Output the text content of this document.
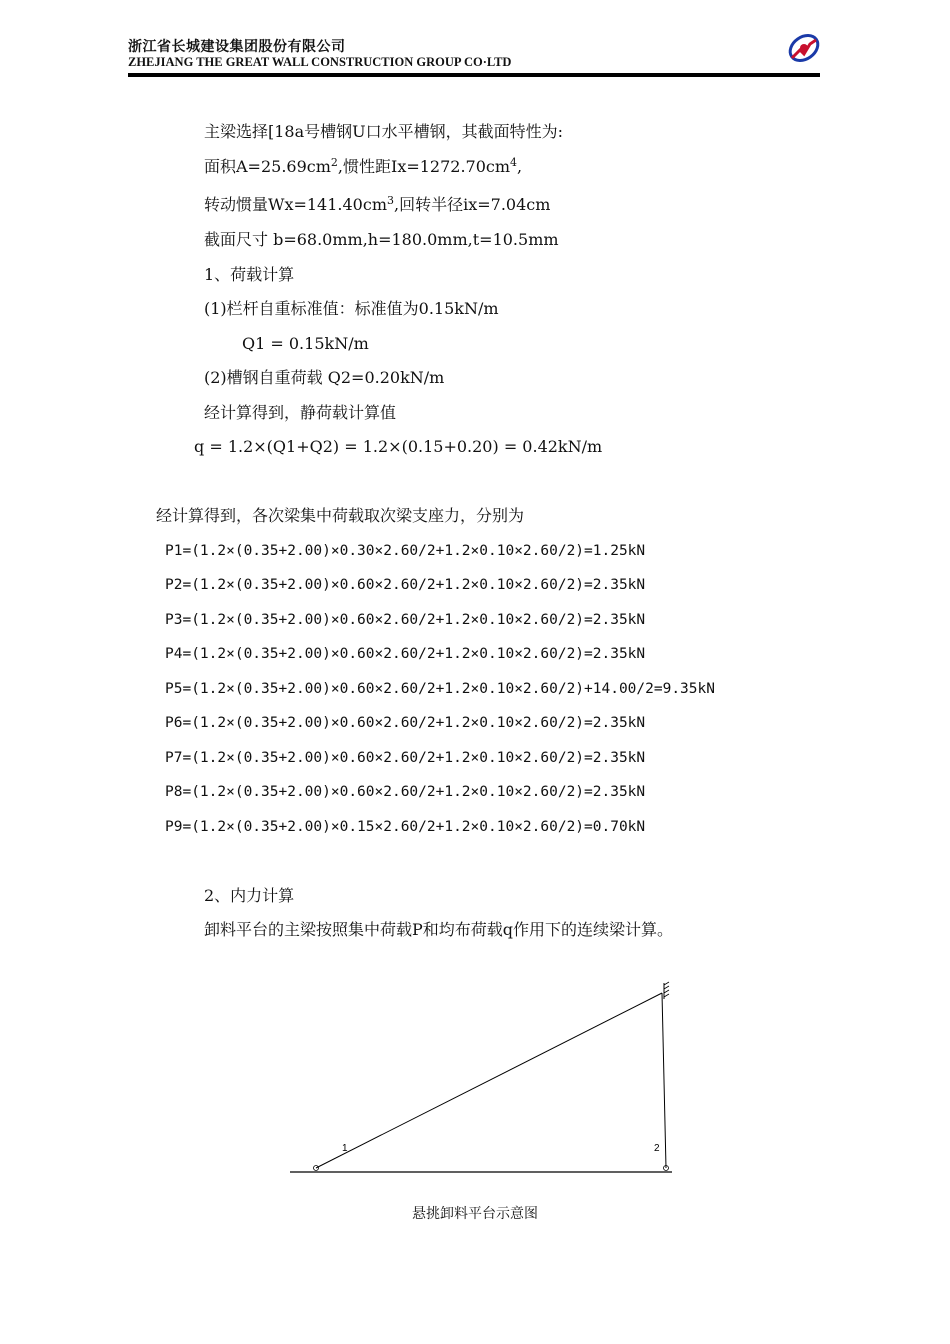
浙江省长城建设集团股份有限公司
ZHEJIANG THE GREAT WALL CONSTRUCTION GROUP CO·LTD
主梁选择[18a号槽钢U口水平槽钢，其截面特性为:
面积$A=25.69cm^2$,惯性距$Ix=1272.70cm^4$,
转动惯量$Wx=141.40cm^3$,回转半径ix=7.04cm
截面尺寸 b=68.0mm,h=180.0mm,t=10.5mm
1、荷载计算
(1)栏杆自重标准值：标准值为0.15kN/m
Q1 = 0.15kN/m
(2)槽钢自重荷载 Q2=0.20kN/m
经计算得到，静荷载计算值
q = 1.2×(Q1+Q2) = 1.2×(0.15+0.20) = 0.42kN/m
经计算得到，各次梁集中荷载取次梁支座力，分别为
P1=(1.2×(0.35+2.00)×0.30×2.60/2+1.2×0.10×2.60/2)=1.25kN
P2=(1.2×(0.35+2.00)×0.60×2.60/2+1.2×0.10×2.60/2)=2.35kN
P3=(1.2×(0.35+2.00)×0.60×2.60/2+1.2×0.10×2.60/2)=2.35kN
P4=(1.2×(0.35+2.00)×0.60×2.60/2+1.2×0.10×2.60/2)=2.35kN
P5=(1.2×(0.35+2.00)×0.60×2.60/2+1.2×0.10×2.60/2)+14.00/2=9.35kN
P6=(1.2×(0.35+2.00)×0.60×2.60/2+1.2×0.10×2.60/2)=2.35kN
P7=(1.2×(0.35+2.00)×0.60×2.60/2+1.2×0.10×2.60/2)=2.35kN
P8=(1.2×(0.35+2.00)×0.60×2.60/2+1.2×0.10×2.60/2)=2.35kN
P9=(1.2×(0.35+2.00)×0.15×2.60/2+1.2×0.10×2.60/2)=0.70kN
2、内力计算
卸料平台的主梁按照集中荷载P和均布荷载q作用下的连续梁计算。
1	2
悬挑卸料平台示意图
